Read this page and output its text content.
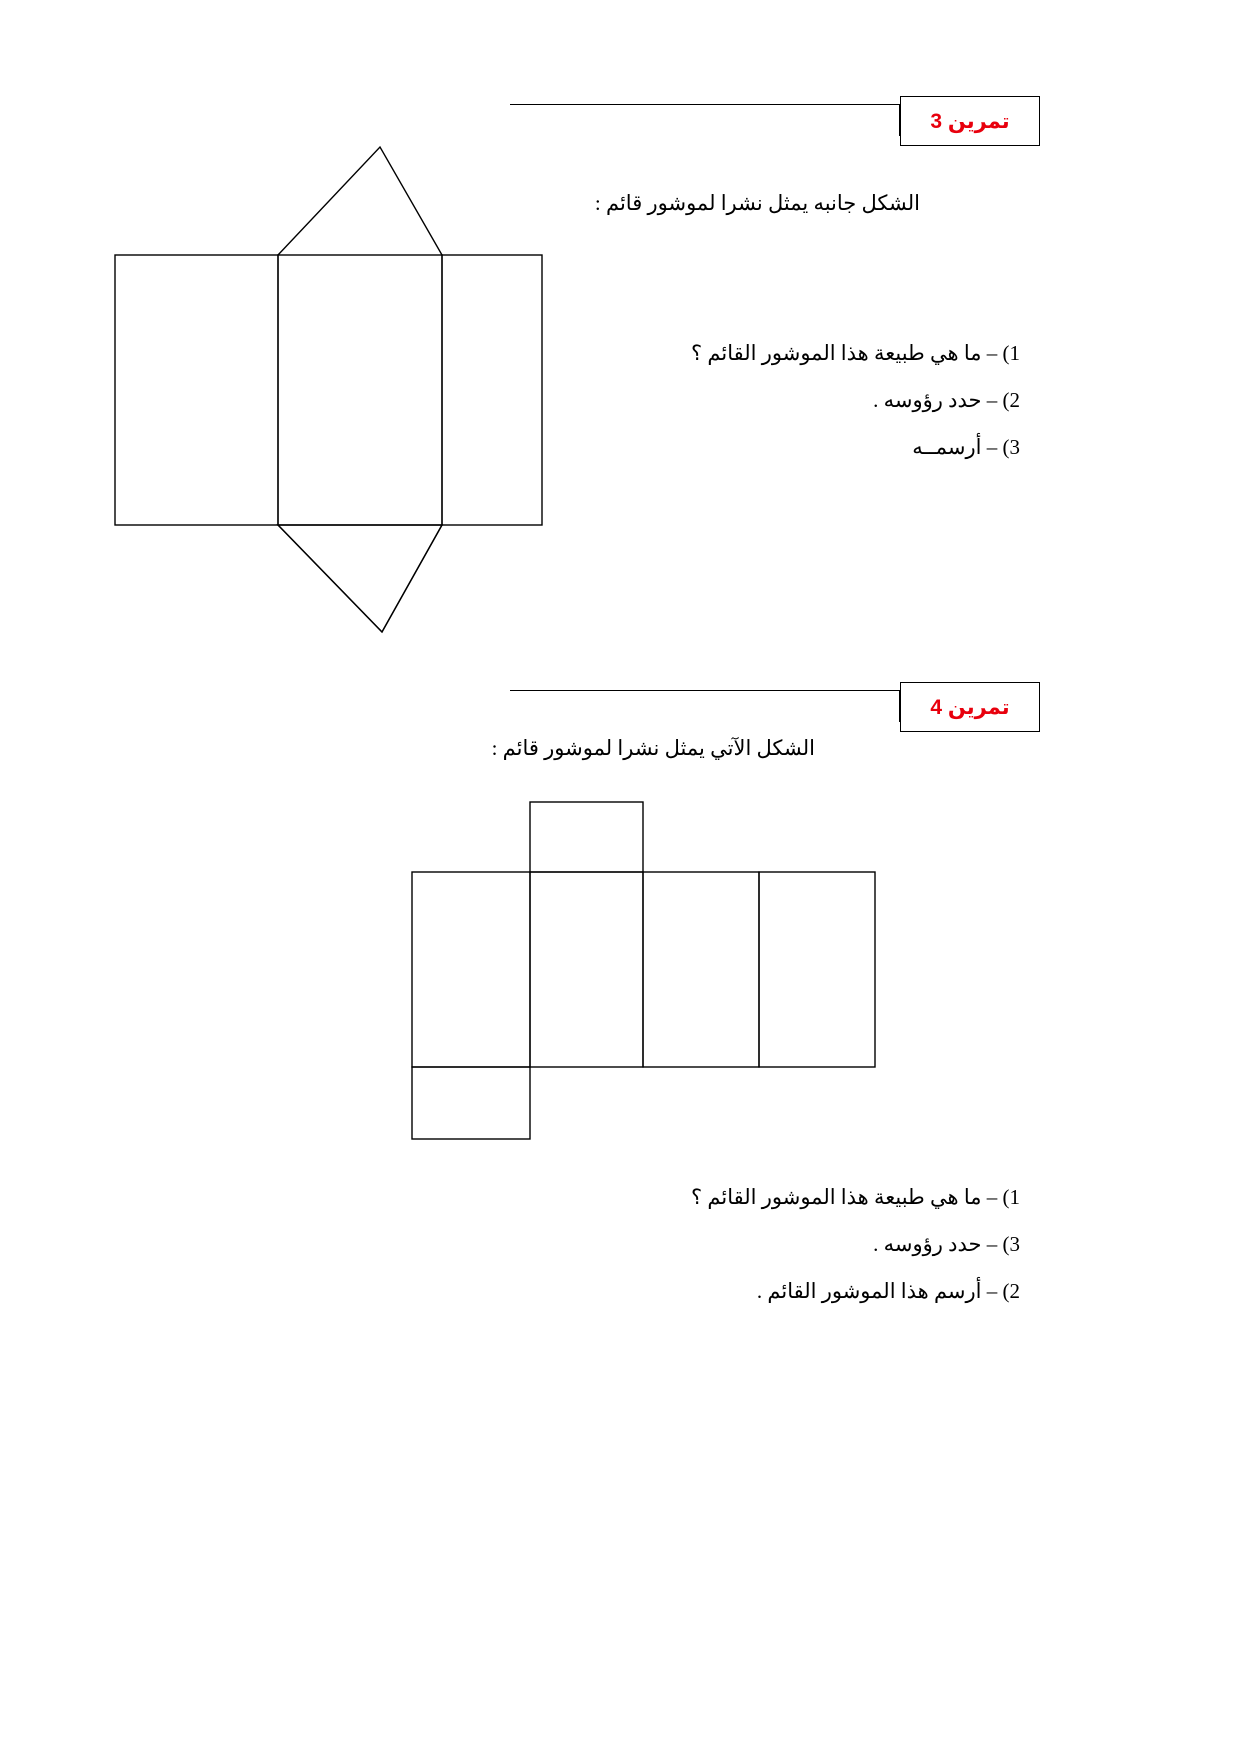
تمرين 3
الشكل جانبه يمثل نشرا لموشور قائم :
1) – ما هي طبيعة هذا الموشور القائم ؟
2) – حدد رؤوسه .
3) – أرسمــه
تمرين 4
الشكل الآتي يمثل نشرا لموشور قائم :
1) – ما هي طبيعة هذا الموشور القائم ؟
3) – حدد رؤوسه .
2) – أرسم هذا الموشور القائم .
